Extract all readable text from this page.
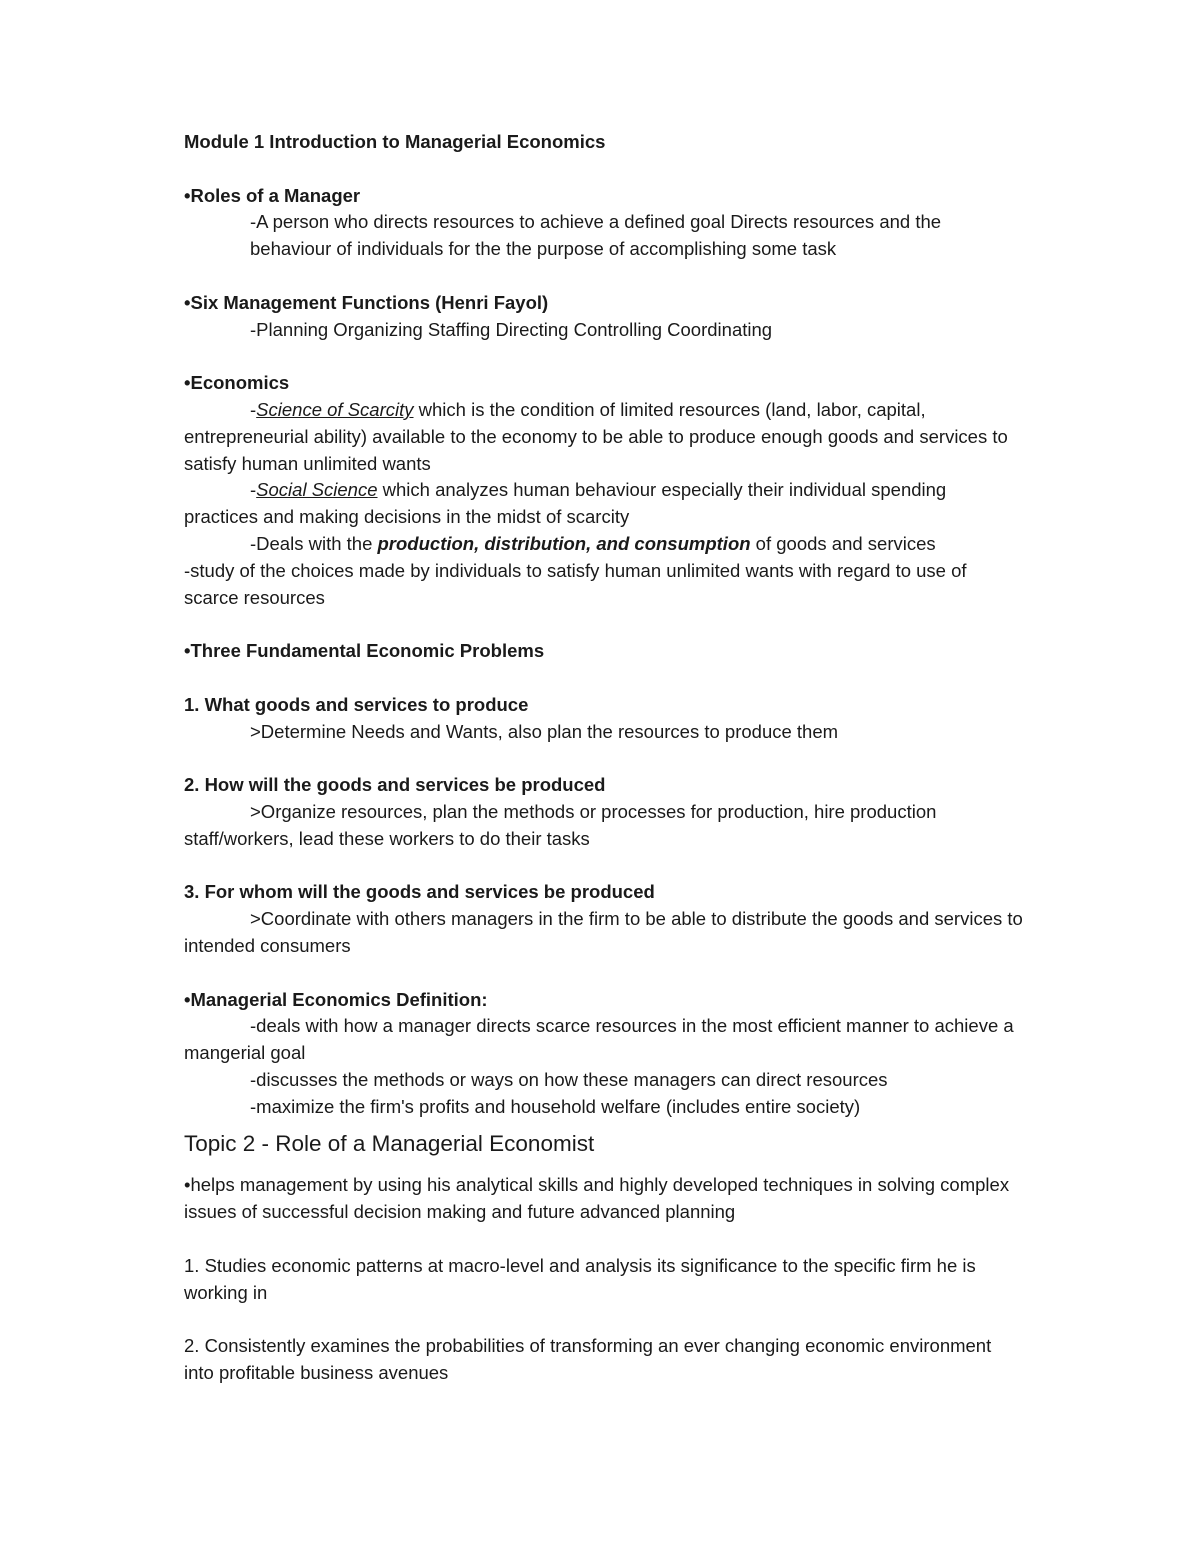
Module 1 Introduction to Managerial Economics

•Roles of a Manager

-A person who directs resources to achieve a defined goal Directs resources and the behaviour of individuals for the the purpose of accomplishing some task

•Six Management Functions (Henri Fayol)

-Planning Organizing Staffing Directing Controlling Coordinating

•Economics

-Science of Scarcity which is the condition of limited resources (land, labor, capital, entrepreneurial ability) available to the economy to be able to produce enough goods and services to satisfy human unlimited wants

-Social Science which analyzes human behaviour especially their individual spending practices and making decisions in the midst of scarcity

-Deals with the production, distribution, and consumption of goods and services

-study of the choices made by individuals to satisfy human unlimited wants with regard to use of scarce resources

•Three Fundamental Economic Problems

1. What goods and services to produce

>Determine Needs and Wants, also plan the resources to produce them

2. How will the goods and services be produced

>Organize resources, plan the methods or processes for production, hire production staff/workers, lead these workers to do their tasks

3. For whom will the goods and services be produced

>Coordinate with others managers in the firm to be able to distribute the goods and services to intended consumers

•Managerial Economics Definition:

-deals with how a manager directs scarce resources in the most efficient manner to achieve a mangerial goal

-discusses the methods or ways on how these managers can direct resources

-maximize the firm's profits and household welfare (includes entire society)

Topic 2 - Role of a Managerial Economist

•helps management by using his analytical skills and highly developed techniques in solving complex issues of successful decision making and future advanced planning

1. Studies economic patterns at macro-level and analysis its significance to the specific firm he is working in

2. Consistently examines the probabilities of transforming an ever changing economic environment into profitable business avenues
